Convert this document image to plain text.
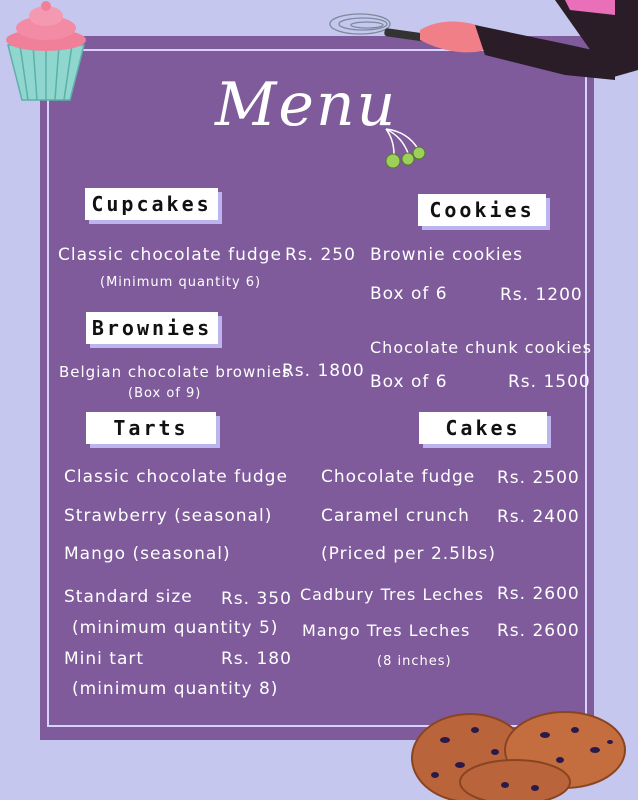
Menu
Cupcakes
Classic chocolate fudge Rs. 250
(Minimum quantity 6)
Brownies
Belgian chocolate brownies
Rs. 1800
(Box of 9)
Cookies
Brownie cookies
Box of 6	Rs. 1200
Chocolate chunk cookies
Box of 6	Rs. 1500
Tarts
Classic chocolate fudge
Strawberry (seasonal)
Mango (seasonal)
Standard size Rs. 350
(minimum quantity 5)
Mini tart	Rs. 180
(minimum quantity 8)
Cakes
Chocolate fudge Rs. 2500
Caramel crunch Rs. 2400
(Priced per 2.5lbs)
Cadbury Tres Leches Rs. 2600
Mango Tres Leches Rs. 2600
(8 inches)
